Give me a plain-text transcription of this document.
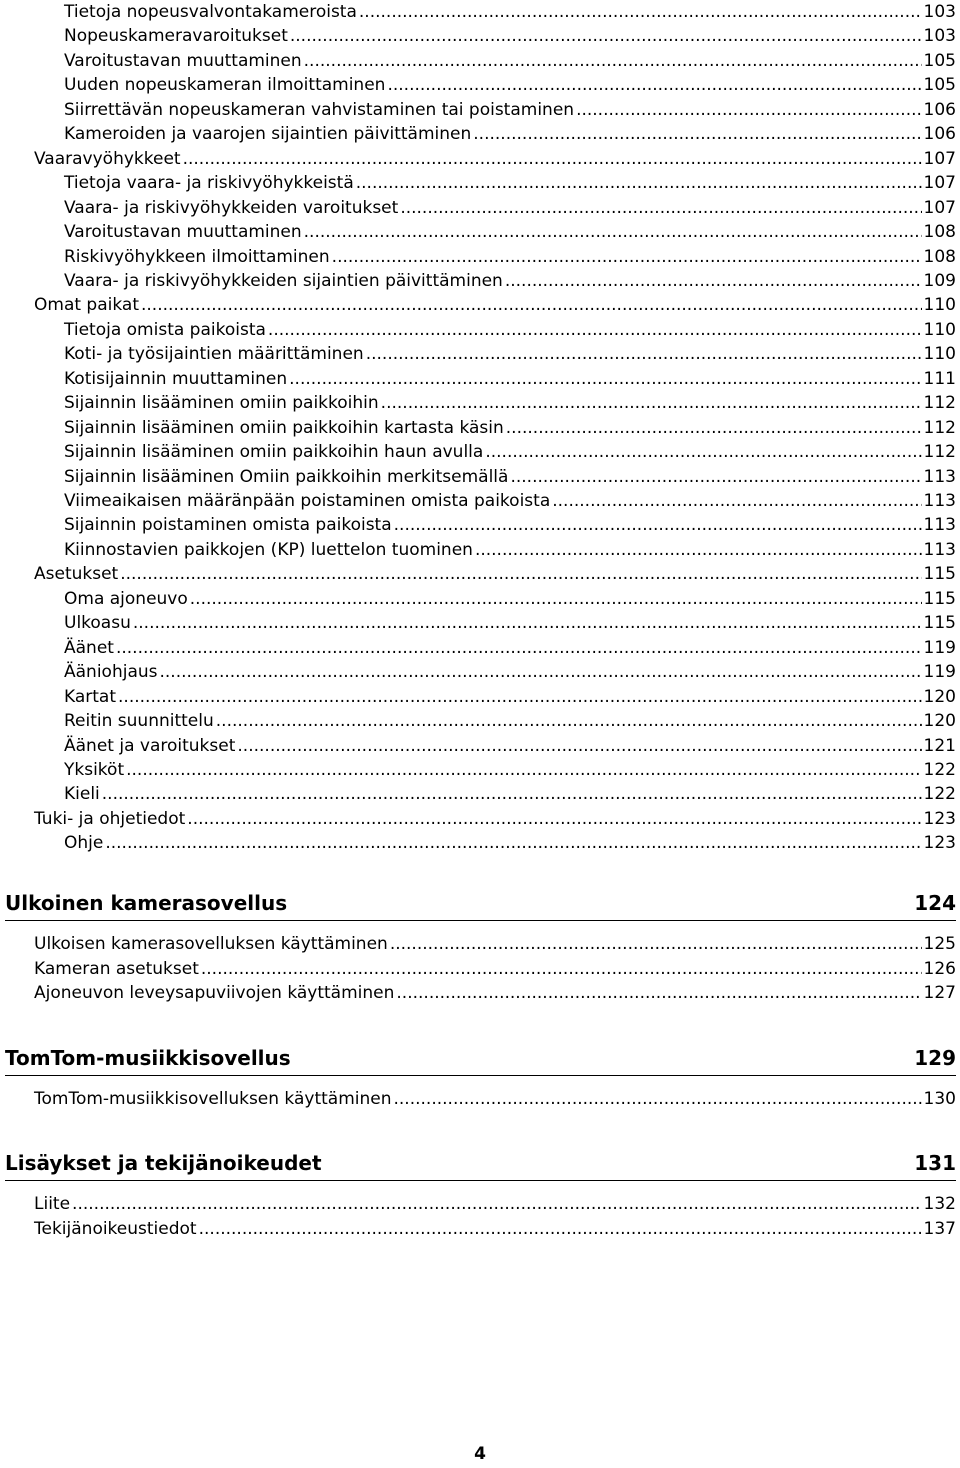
Tietoja nopeusvalvontakameroista .....	103
Nopeuskameravaroitukset .....	103
Varoitustavan muuttaminen .....	105
Uuden nopeuskameran ilmoittaminen .....	105
Siirrettävän nopeuskameran vahvistaminen tai poistaminen .....	106
Kameroiden ja vaarojen sijaintien päivittäminen .....	106
Vaaravyöhykkeet .....	107
Tietoja vaara- ja riskivyöhykkeistä .....	107
Vaara- ja riskivyöhykkeiden varoitukset .....	107
Varoitustavan muuttaminen .....	108
Riskivyöhykkeen ilmoittaminen .....	108
Vaara- ja riskivyöhykkeiden sijaintien päivittäminen .....	109
Omat paikat .....	110
Tietoja omista paikoista .....	110
Koti- ja työsijaintien määrittäminen .....	110
Kotisijainnin muuttaminen .....	111
Sijainnin lisääminen omiin paikkoihin .....	112
Sijainnin lisääminen omiin paikkoihin kartasta käsin .....	112
Sijainnin lisääminen omiin paikkoihin haun avulla .....	112
Sijainnin lisääminen Omiin paikkoihin merkitsemällä .....	113
Viimeaikaisen määränpään poistaminen omista paikoista .....	113
Sijainnin poistaminen omista paikoista .....	113
Kiinnostavien paikkojen (KP) luettelon tuominen .....	113
Asetukset .....	115
Oma ajoneuvo .....	115
Ulkoasu .....	115
Äänet .....	119
Ääniohjaus .....	119
Kartat .....	120
Reitin suunnittelu .....	120
Äänet ja varoitukset .....	121
Yksiköt .....	122
Kieli .....	122
Tuki- ja ohjetiedot .....	123
Ohje .....	123
Ulkoinen kamerasovellus	124
Ulkoisen kamerasovelluksen käyttäminen .....	125
Kameran asetukset .....	126
Ajoneuvon leveysapuviivojen käyttäminen .....	127
TomTom-musiikkisovellus	129
TomTom-musiikkisovelluksen käyttäminen .....	130
Lisäykset ja tekijänoikeudet	131
Liite .....	132
Tekijänoikeustiedot .....	137
4
